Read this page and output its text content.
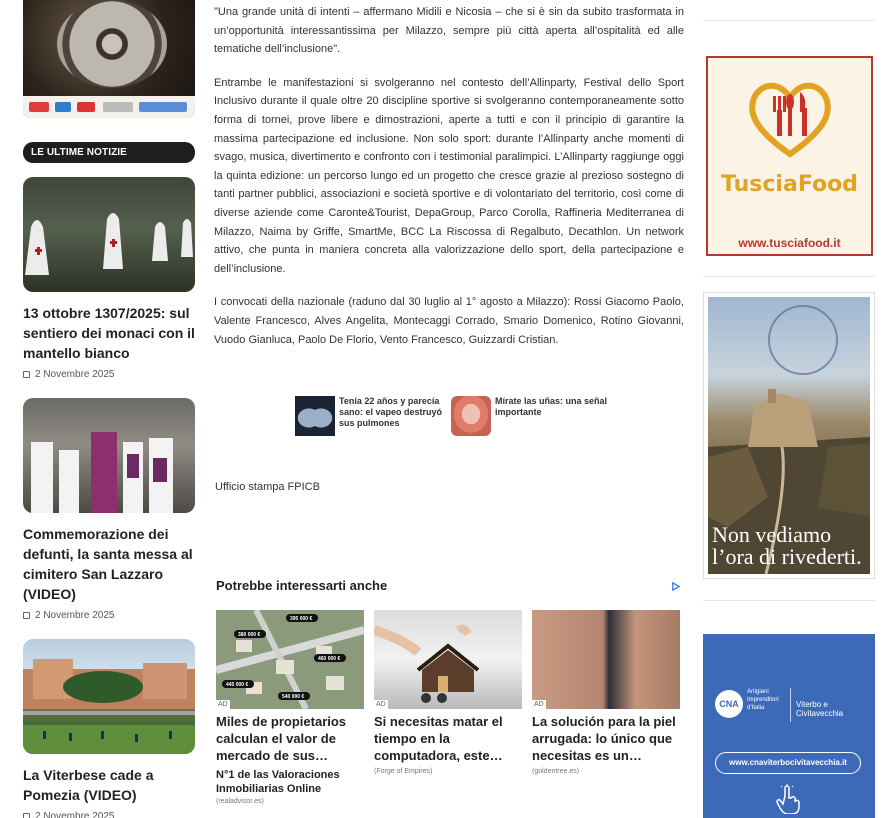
LE ULTIME NOTIZIE
13 ottobre 1307/2025: sul sentiero dei monaci con il mantello bianco
2 Novembre 2025
Commemorazione dei defunti, la santa messa al cimitero San Lazzaro (VIDEO)
2 Novembre 2025
La Viterbese cade a Pomezia (VIDEO)
2 Novembre 2025

"Una grande unità di intenti – affermano Midili e Nicosia – che si è sin da subito trasformata in un’opportunità interessantissima per Milazzo, sempre più città aperta all’ospitalità ed alle tematiche dell’inclusione".

Entrambe le manifestazioni si svolgeranno nel contesto dell’Allinparty, Festival dello Sport Inclusivo durante il quale oltre 20 discipline sportive si svolgeranno contemporaneamente sotto forma di tornei, prove libere e dimostrazioni, aperte a tutti e con il principio di garantire la massima partecipazione ed inclusione. Non solo sport: durante l’Allinparty anche momenti di svago, musica, divertimento e confronto con i testimonial paralimpici. L’Allinparty raggiunge oggi la quinta edizione: un percorso lungo ed un progetto che cresce grazie al prezioso sostegno di tanti partner pubblici, associazioni e società sportive e di volontariato del territorio, così come di diverse aziende come Caronte&Tourist, DepaGroup, Parco Corolla, Raffineria Mediterranea di Milazzo, Naima by Griffe, SmartMe, BCC La Riscossa di Regalbuto, Decathlon. Un network attivo, che punta in maniera concreta alla valorizzazione dello sport, della partecipazione e dell’inclusione.

I convocati della nazionale (raduno dal 30 luglio al 1° agosto a Milazzo): Rossi Giacomo Paolo, Valente Francesco, Alves Angelita, Montecaggi Corrado, Smario Domenico, Rotino Giovanni, Vuodo Gianluca, Paolo De Florio, Vento Francesco, Guizzardi Cristian.

Tenía 22 años y parecía sano: el vapeo destruyó sus pulmones
Mírate las uñas: una señal importante
Ufficio stampa FPICB
Potrebbe interessarti anche
380 000 €
395 000 €
460 000 €
445 000 €
540 000 €
AD
Miles de propietarios calculan el valor de mercado de sus…
N°1 de las Valoraciones Inmobiliarias Online
(realadvisor.es)
AD
Si necesitas matar el tiempo en la computadora, este…
(Forge of Empires)
AD
La solución para la piel arrugada: lo único que necesitas es un…
(goldentree.es)
TusciaFood
www.tusciafood.it
Non vediamo
l’ora di rivederti.
CNA
Artigiani
Imprenditori
d’Italia	Viterbo e Civitavecchia
www.cnaviterbocivitavecchia.it
